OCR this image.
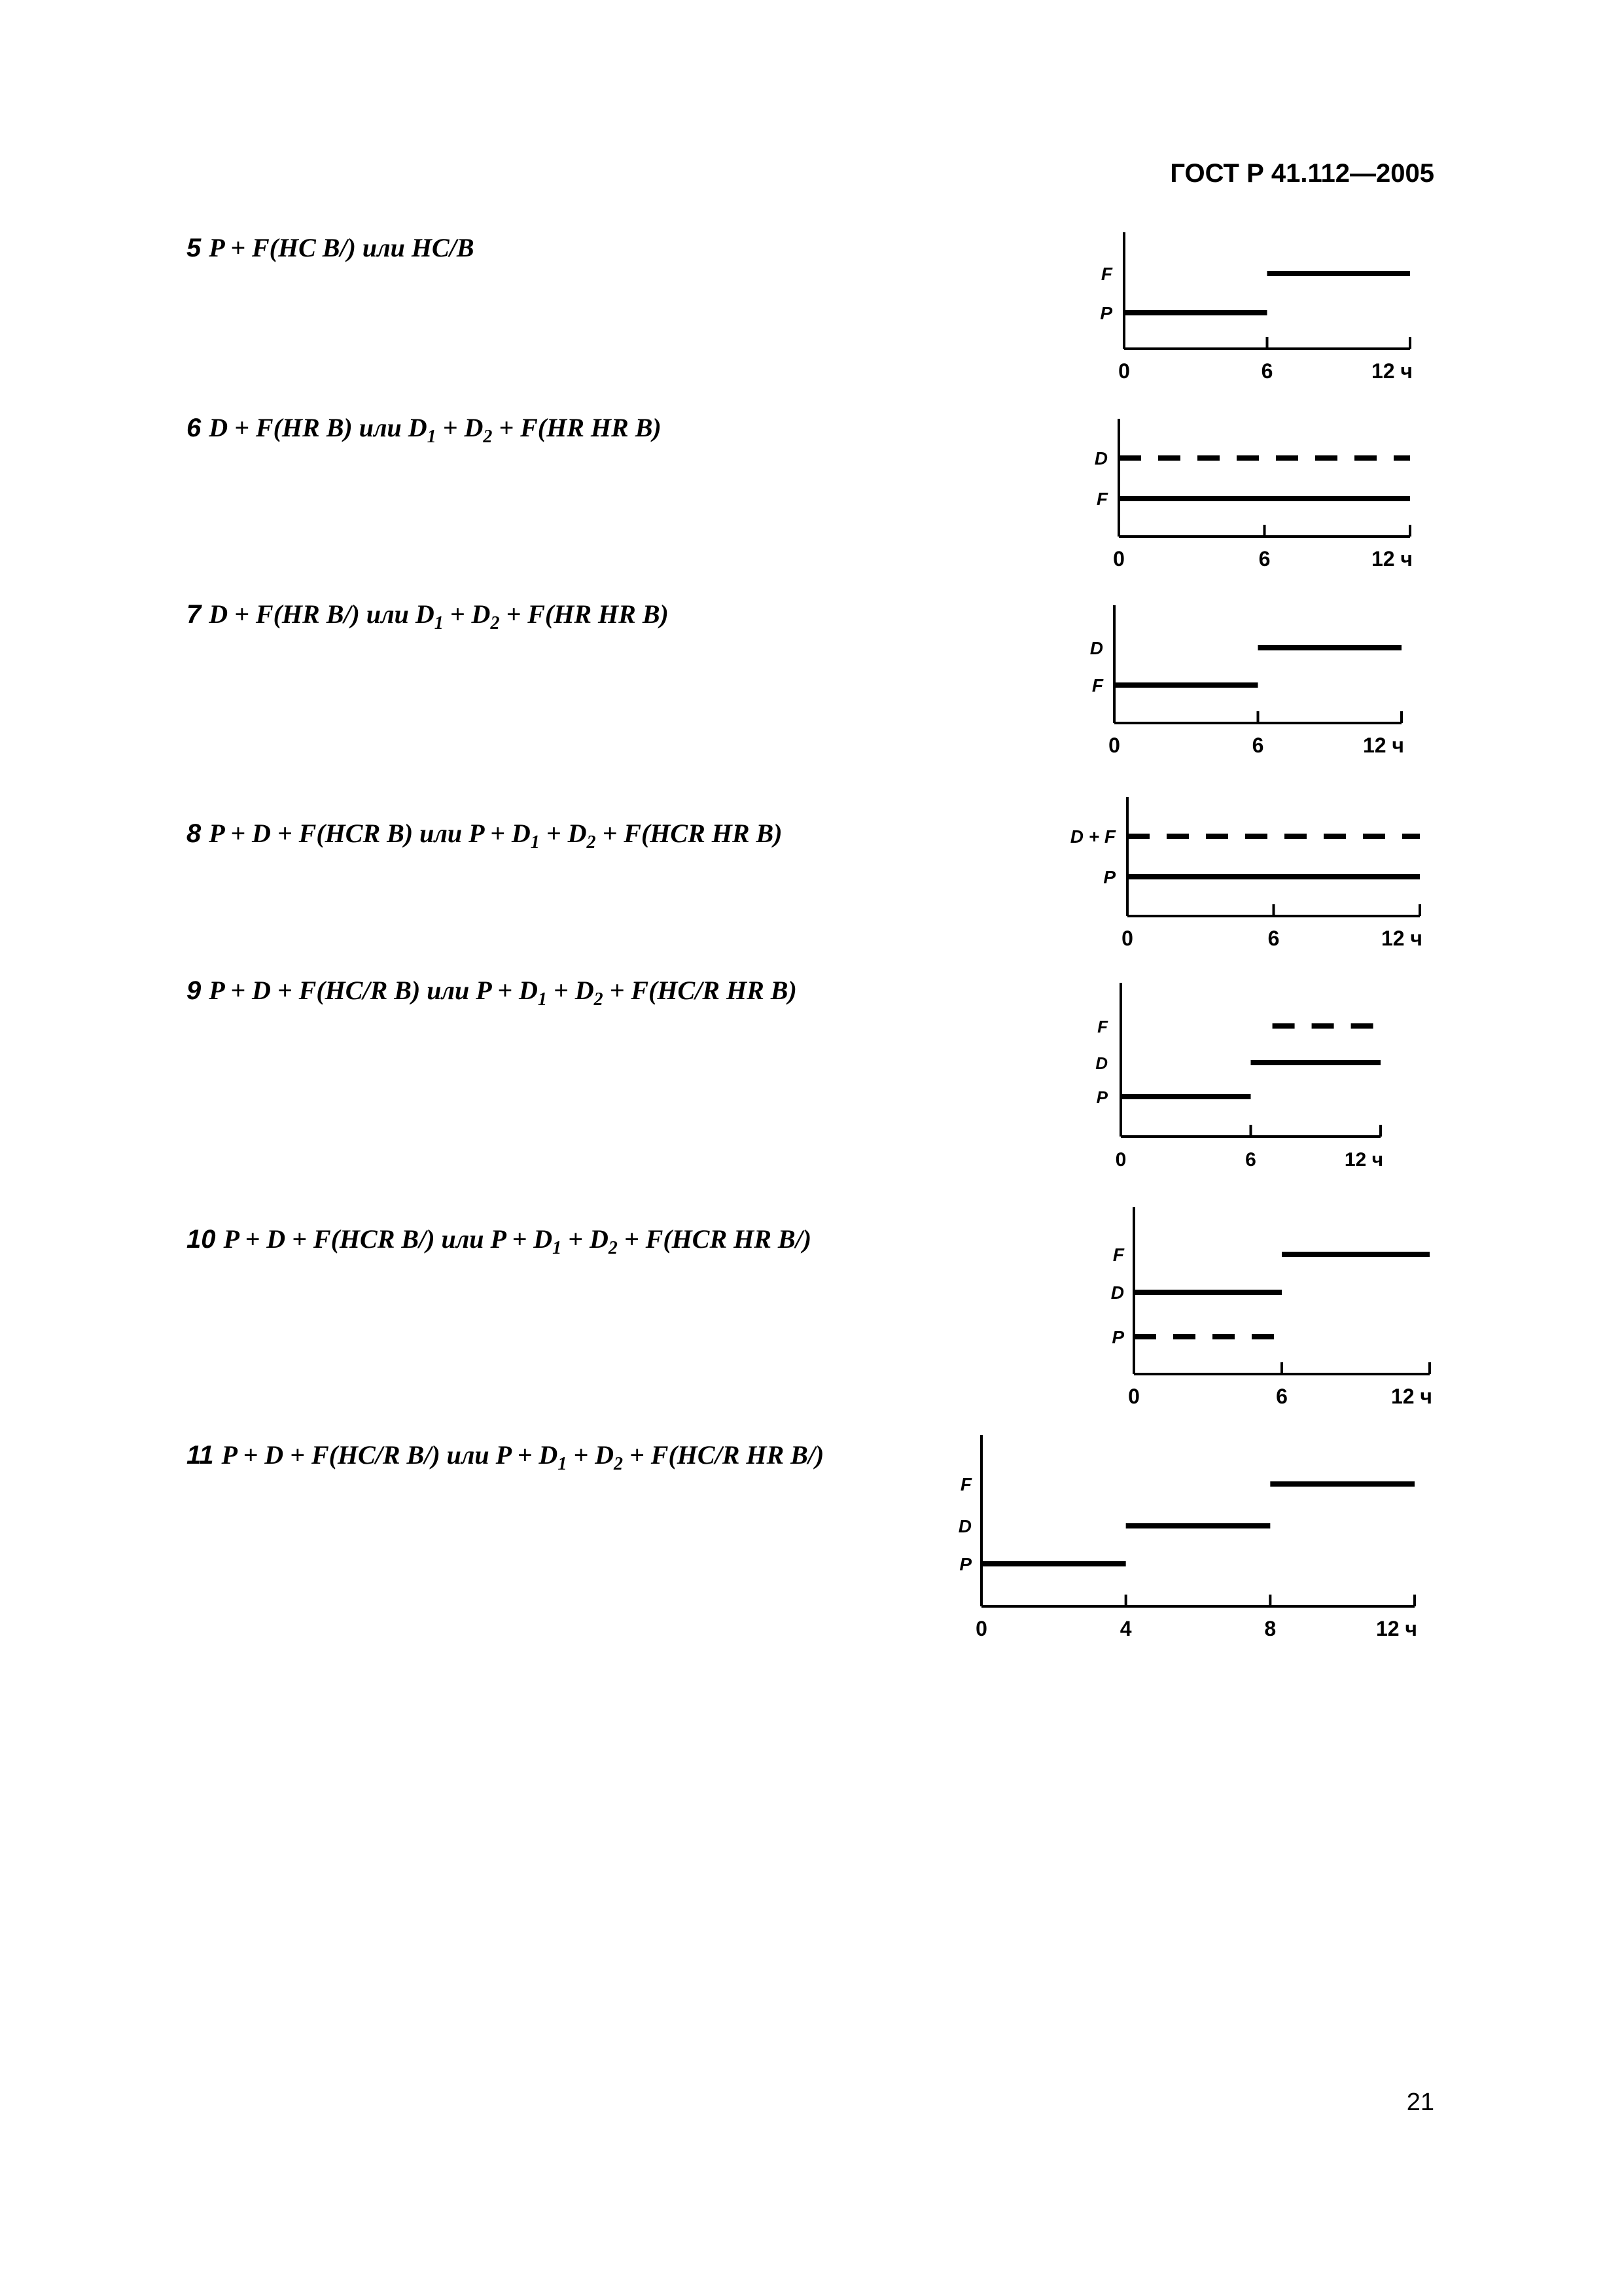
ГОСТ Р 41.112—2005
5 P + F(HC B/) или HC/B
6 D + F(HR B) или $D_1 + D_2 + F(HR$ HR B)
7 D + F(HR B/) или $D_1 + D_2 + F(HR$ HR B)
8 P + D + F(HCR B) или $P + D_1 + D_2 + F(HCR$ HR B)
9 P + D + F(HC/R B) или $P + D_1 + D_2 + F(HC/R$ HR B)
10 P + D + F(HCR B/) или $P + D_1 + D_2 + F(HCR$ HR B/)
11 P + D + F(HC/R B/) или $P + D_1 + D_2 + F(HC/R$ HR B/)
0	6	12 ч
F
P
0	6	12 ч
D
F
0	6	12 ч
D
F
0	6	12 ч
D + F
P
0	6	12 ч
F
D
P
0	6	12 ч
F
D
P
0	4	8	12 ч
F
D
P
21
